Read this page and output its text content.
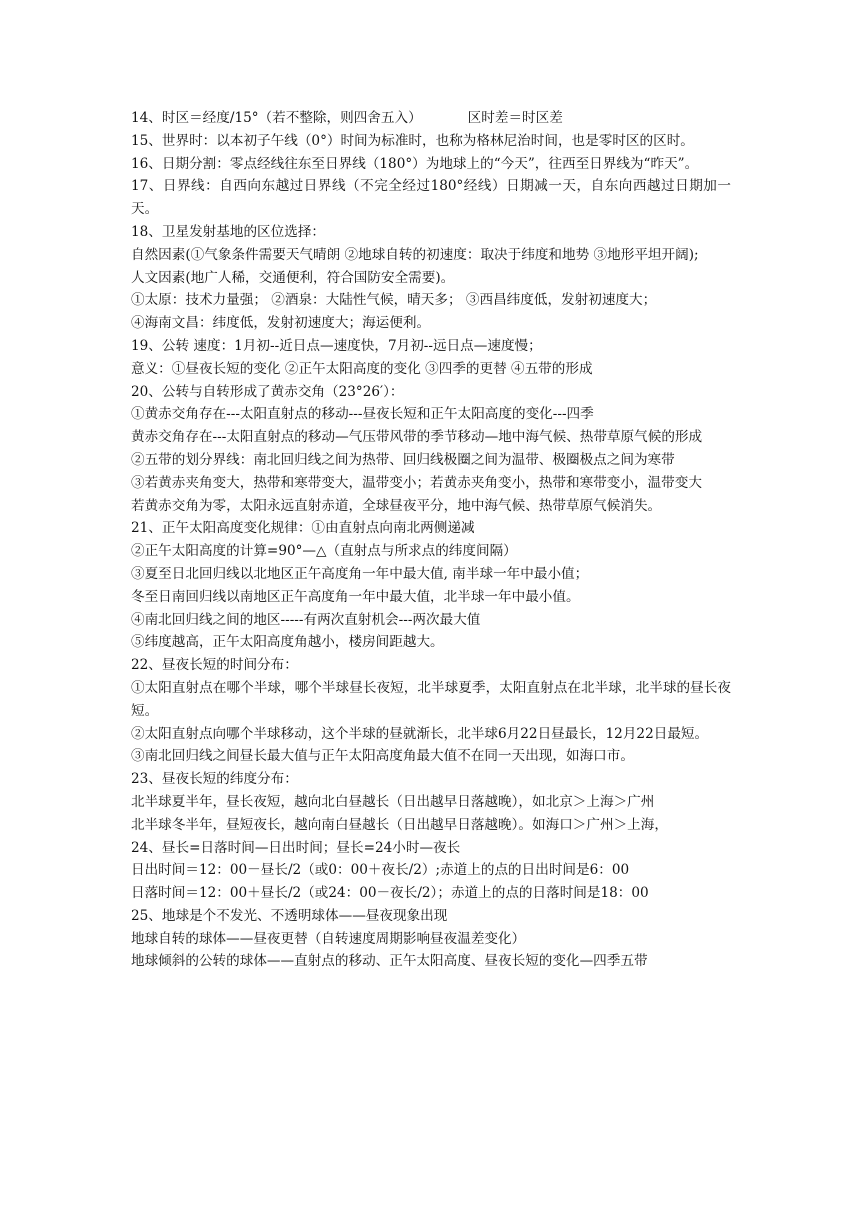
14、时区＝经度/15°（若不整除，则四舍五入）	区时差＝时区差

15、世界时：以本初子午线（0°）时间为标准时，也称为格林尼治时间，也是零时区的区时。

16、日期分割：零点经线往东至日界线（180°）为地球上的“今天”，往西至日界线为“昨天”。

17、日界线：自西向东越过日界线（不完全经过180°经线）日期减一天，自东向西越过日期加一天。

18、卫星发射基地的区位选择：

自然因素(①气象条件需要天气晴朗 ②地球自转的初速度：取决于纬度和地势 ③地形平坦开阔);

人文因素(地广人稀，交通便利，符合国防安全需要)。

①太原：技术力量强； ②酒泉：大陆性气候，晴天多； ③西昌纬度低，发射初速度大；

④海南文昌：纬度低，发射初速度大；海运便利。

19、公转 速度：1月初--近日点—速度快，7月初--远日点—速度慢；

意义：①昼夜长短的变化 ②正午太阳高度的变化 ③四季的更替 ④五带的形成

20、公转与自转形成了黄赤交角（23°26′）：

①黄赤交角存在---太阳直射点的移动---昼夜长短和正午太阳高度的变化---四季

黄赤交角存在---太阳直射点的移动—气压带风带的季节移动—地中海气候、热带草原气候的形成

②五带的划分界线：南北回归线之间为热带、回归线极圈之间为温带、极圈极点之间为寒带

③若黄赤夹角变大，热带和寒带变大，温带变小；若黄赤夹角变小，热带和寒带变小，温带变大

若黄赤交角为零，太阳永远直射赤道，全球昼夜平分，地中海气候、热带草原气候消失。

21、正午太阳高度变化规律：①由直射点向南北两侧递减

②正午太阳高度的计算=90°—△（直射点与所求点的纬度间隔）

③夏至日北回归线以北地区正午高度角一年中最大值, 南半球一年中最小值；

冬至日南回归线以南地区正午高度角一年中最大值，北半球一年中最小值。

④南北回归线之间的地区-----有两次直射机会---两次最大值

⑤纬度越高，正午太阳高度角越小，楼房间距越大。

22、昼夜长短的时间分布：

①太阳直射点在哪个半球，哪个半球昼长夜短，北半球夏季，太阳直射点在北半球，北半球的昼长夜短。

②太阳直射点向哪个半球移动，这个半球的昼就渐长，北半球6月22日昼最长，12月22日最短。

③南北回归线之间昼长最大值与正午太阳高度角最大值不在同一天出现，如海口市。

23、昼夜长短的纬度分布：

北半球夏半年，昼长夜短，越向北白昼越长（日出越早日落越晚），如北京＞上海＞广州

北半球冬半年，昼短夜长，越向南白昼越长（日出越早日落越晚）。如海口＞广州＞上海，

24、昼长=日落时间—日出时间；昼长=24小时—夜长

日出时间＝12：00－昼长/2（或0：00＋夜长/2）;赤道上的点的日出时间是6：00

日落时间＝12：00＋昼长/2（或24：00－夜长/2）；赤道上的点的日落时间是18：00

25、地球是个不发光、不透明球体——昼夜现象出现

地球自转的球体——昼夜更替（自转速度周期影响昼夜温差变化）

地球倾斜的公转的球体——直射点的移动、正午太阳高度、昼夜长短的变化—四季五带
